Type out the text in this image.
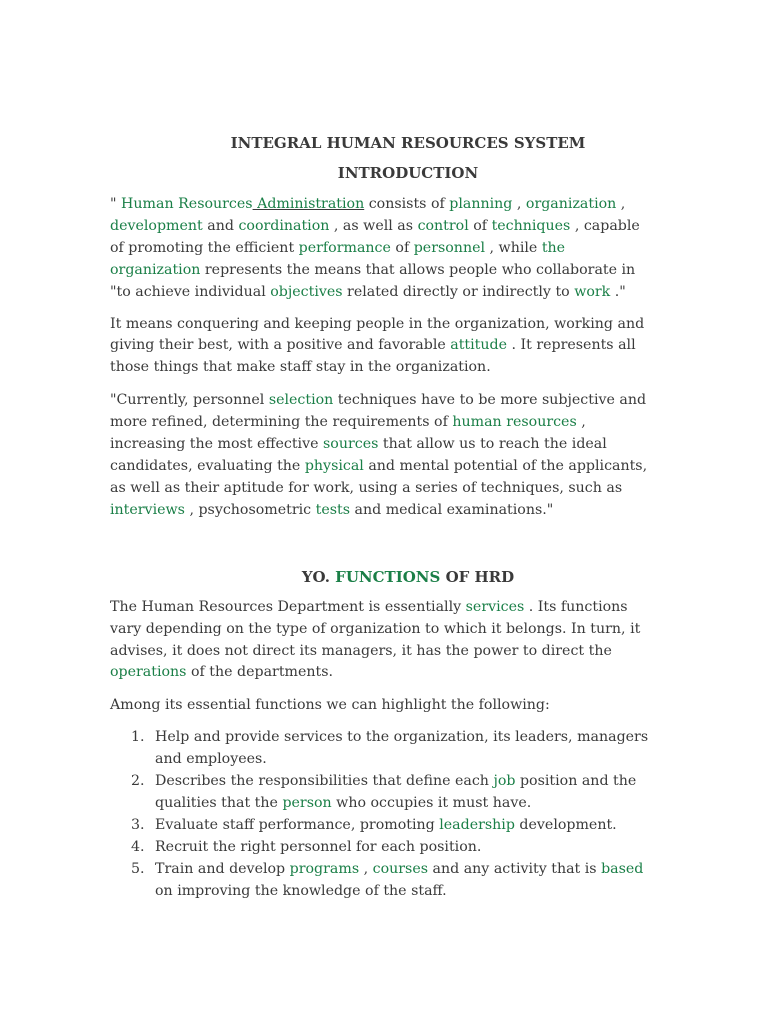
INTEGRAL HUMAN RESOURCES SYSTEM
INTRODUCTION

" Human Resources Administration consists of planning , organization , development and coordination , as well as control of techniques , capable of promoting the efficient performance of personnel , while the organization represents the means that allows people who collaborate in "to achieve individual objectives related directly or indirectly to work ."

It means conquering and keeping people in the organization, working and giving their best, with a positive and favorable attitude . It represents all those things that make staff stay in the organization.

"Currently, personnel selection techniques have to be more subjective and more refined, determining the requirements of human resources , increasing the most effective sources that allow us to reach the ideal candidates, evaluating the physical and mental potential of the applicants, as well as their aptitude for work, using a series of techniques, such as interviews , psychosometric tests and medical examinations."

YO. FUNCTIONS OF HRD

The Human Resources Department is essentially services . Its functions vary depending on the type of organization to which it belongs. In turn, it advises, it does not direct its managers, it has the power to direct the operations of the departments.

Among its essential functions we can highlight the following:

1. Help and provide services to the organization, its leaders, managers and employees.
2. Describes the responsibilities that define each job position and the qualities that the person who occupies it must have.
3. Evaluate staff performance, promoting leadership development.
4. Recruit the right personnel for each position.
5. Train and develop programs , courses and any activity that is based on improving the knowledge of the staff.
